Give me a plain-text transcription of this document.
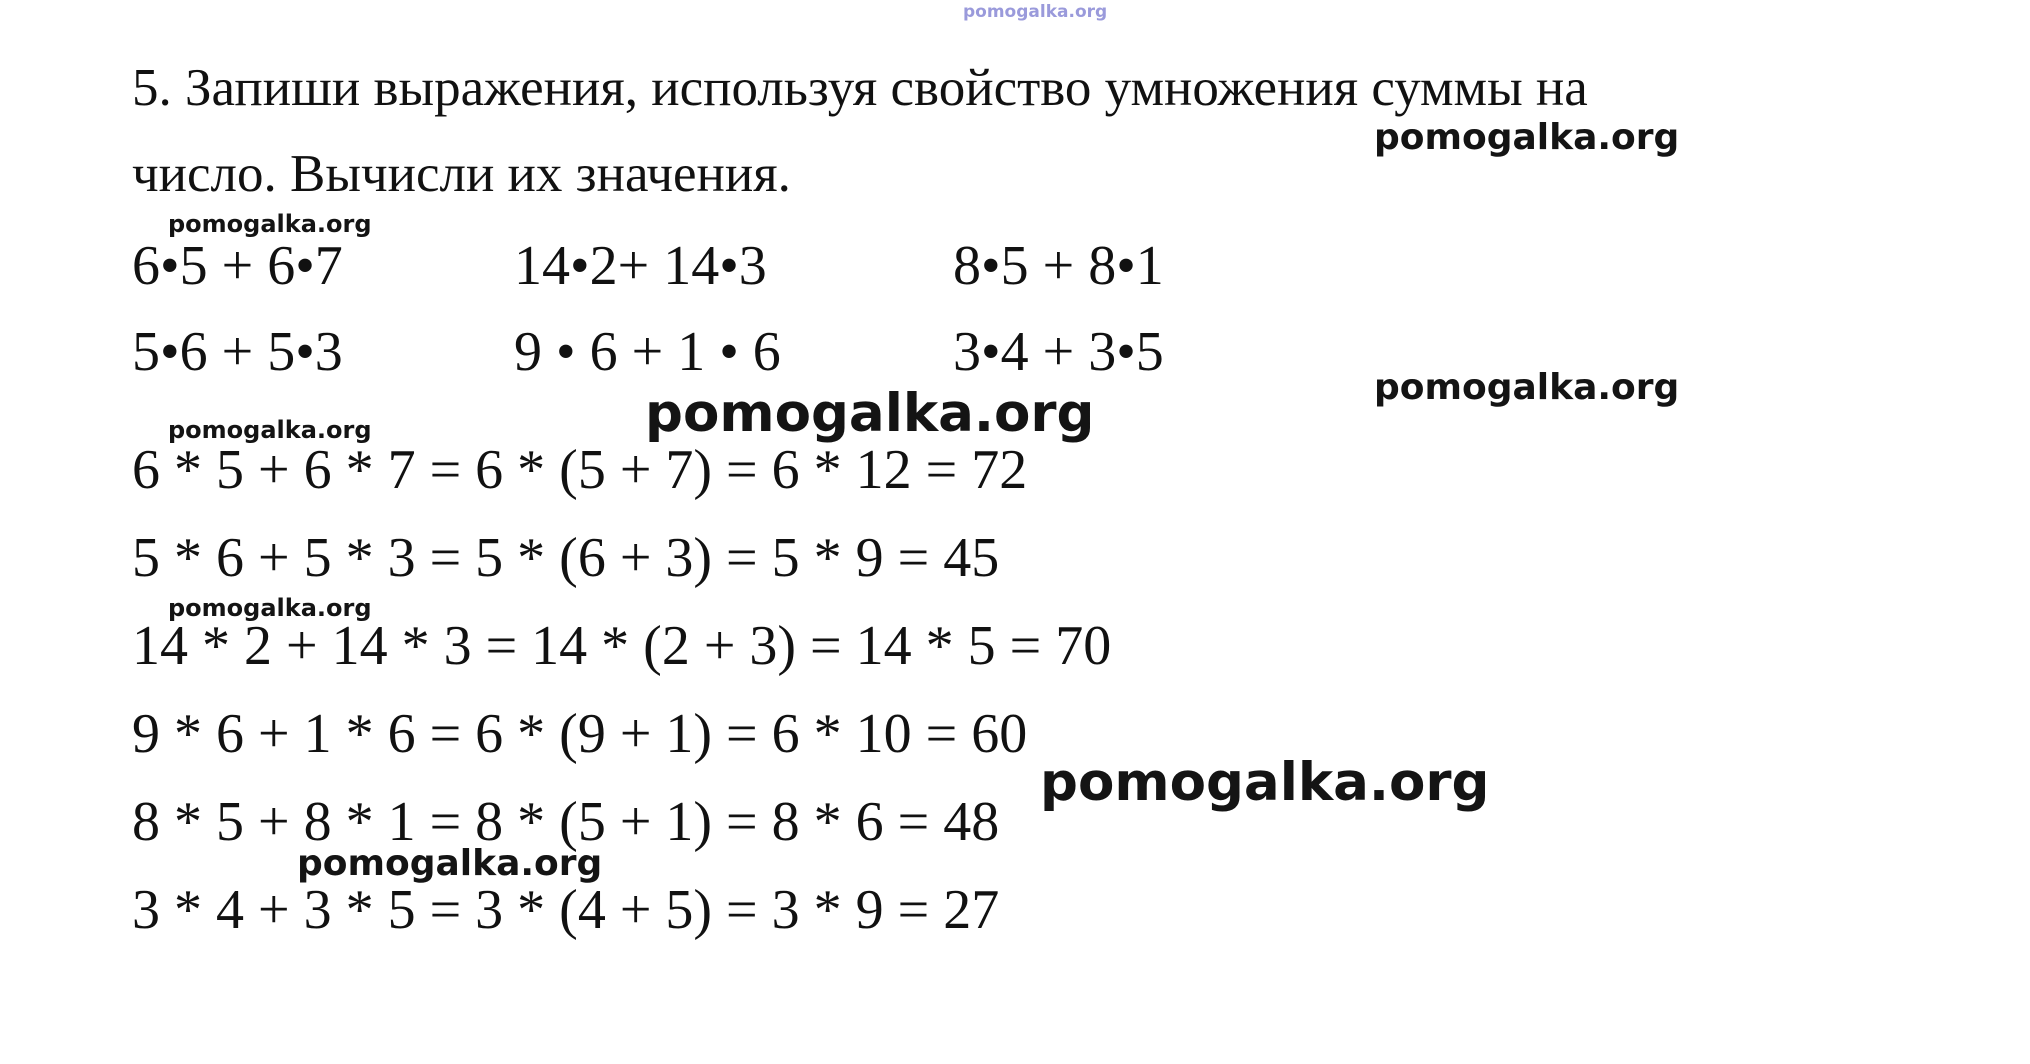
pomogalka.org
5. Запиши выражения, используя свойство умножения суммы на
число. Вычисли их значения.
6•5 + 6•7	14•2+ 14•3	8•5 + 8•1
5•6 + 5•3	9 • 6 + 1 • 6	3•4 + 3•5
6 * 5 + 6 * 7 = 6 * (5 + 7) = 6 * 12 = 72
5 * 6 + 5 * 3 = 5 * (6 + 3) = 5 * 9 = 45
14 * 2 + 14 * 3 = 14 * (2 + 3) = 14 * 5 = 70
9 * 6 + 1 * 6 = 6 * (9 + 1) = 6 * 10 = 60
8 * 5 + 8 * 1 = 8 * (5 + 1) = 8 * 6 = 48
3 * 4 + 3 * 5 = 3 * (4 + 5) = 3 * 9 = 27
pomogalka.org
pomogalka.org
pomogalka.org
pomogalka.org
pomogalka.org
pomogalka.org
pomogalka.org
pomogalka.org
